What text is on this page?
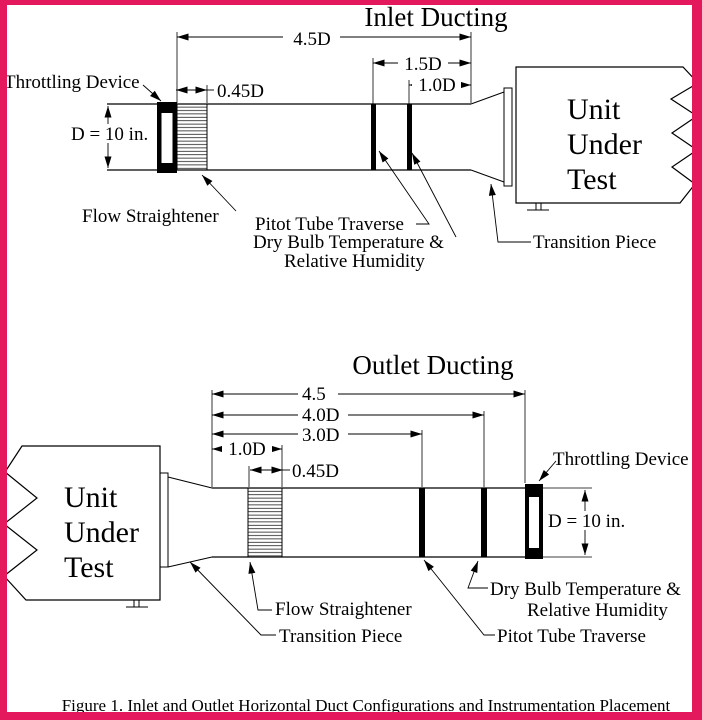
Inlet Ducting
4.5D
1.5D
1.0D
0.45D
D = 10 in.
Throttling Device
Flow Straightener Pitot Tube Traverse
Dry Bulb Temperature &
Relative Humidity
Transition Piece
Unit
Under
Test
Outlet Ducting
4.5
4.0D
3.0D
1.0D
0.45D
D = 10 in.
Throttling Device
Flow Straightener
Transition Piece	Pitot Tube Traverse
Dry Bulb Temperature &
Relative Humidity
Unit
Under
Test
Figure 1. Inlet and Outlet Horizontal Duct Configurations and Instrumentation Placement
